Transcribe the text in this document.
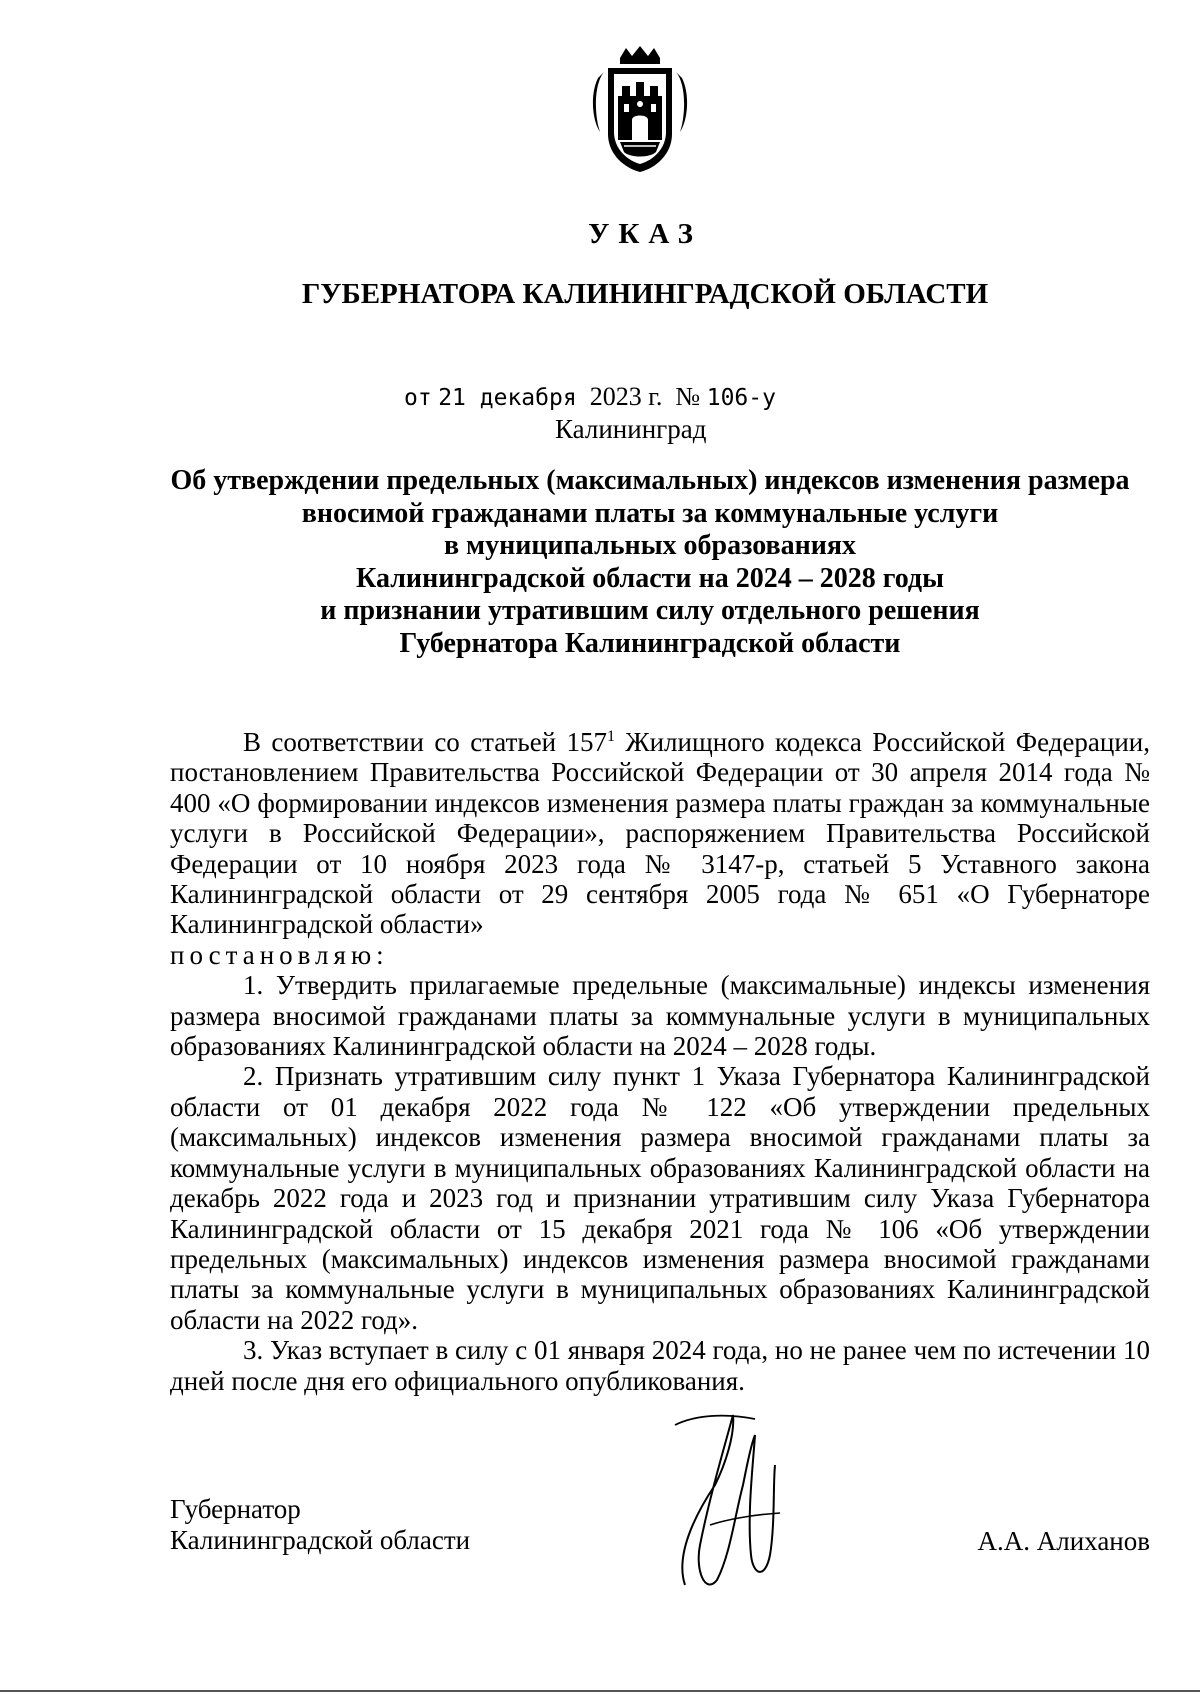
УКАЗ
ГУБЕРНАТОРА КАЛИНИНГРАДСКОЙ ОБЛАСТИ
от 21 декабря 2023 г. № 106-у
Калининград
Об утверждении предельных (максимальных) индексов изменения размера
вносимой гражданами платы за коммунальные услуги
в муниципальных образованиях
Калининградской области на 2024 – 2028 годы
и признании утратившим силу отдельного решения
Губернатора Калининградской области

В соответствии со статьей $157^1$ Жилищного кодекса Российской Федерации, постановлением Правительства Российской Федерации от 30 апреля 2014 года № 400 «О формировании индексов изменения размера платы граждан за коммунальные услуги в Российской Федерации», распоряжением Правительства Российской Федерации от 10 ноября 2023 года № 3147-р, статьей 5 Уставного закона Калининградской области от 29 сентября 2005 года № 651 «О Губернаторе Калининградской области»

постановляю:

1. Утвердить прилагаемые предельные (максимальные) индексы изменения размера вносимой гражданами платы за коммунальные услуги в муниципальных образованиях Калининградской области на 2024 – 2028 годы.

2. Признать утратившим силу пункт 1 Указа Губернатора Калининградской области от 01 декабря 2022 года № 122 «Об утверждении предельных (максимальных) индексов изменения размера вносимой гражданами платы за коммунальные услуги в муниципальных образованиях Калининградской области на декабрь 2022 года и 2023 год и признании утратившим силу Указа Губернатора Калининградской области от 15 декабря 2021 года № 106 «Об утверждении предельных (максимальных) индексов изменения размера вносимой гражданами платы за коммунальные услуги в муниципальных образованиях Калининградской области на 2022 год».

3. Указ вступает в силу с 01 января 2024 года, но не ранее чем по истечении 10 дней после дня его официального опубликования.

Губернатор
Калининградской области	А.А. Алиханов
